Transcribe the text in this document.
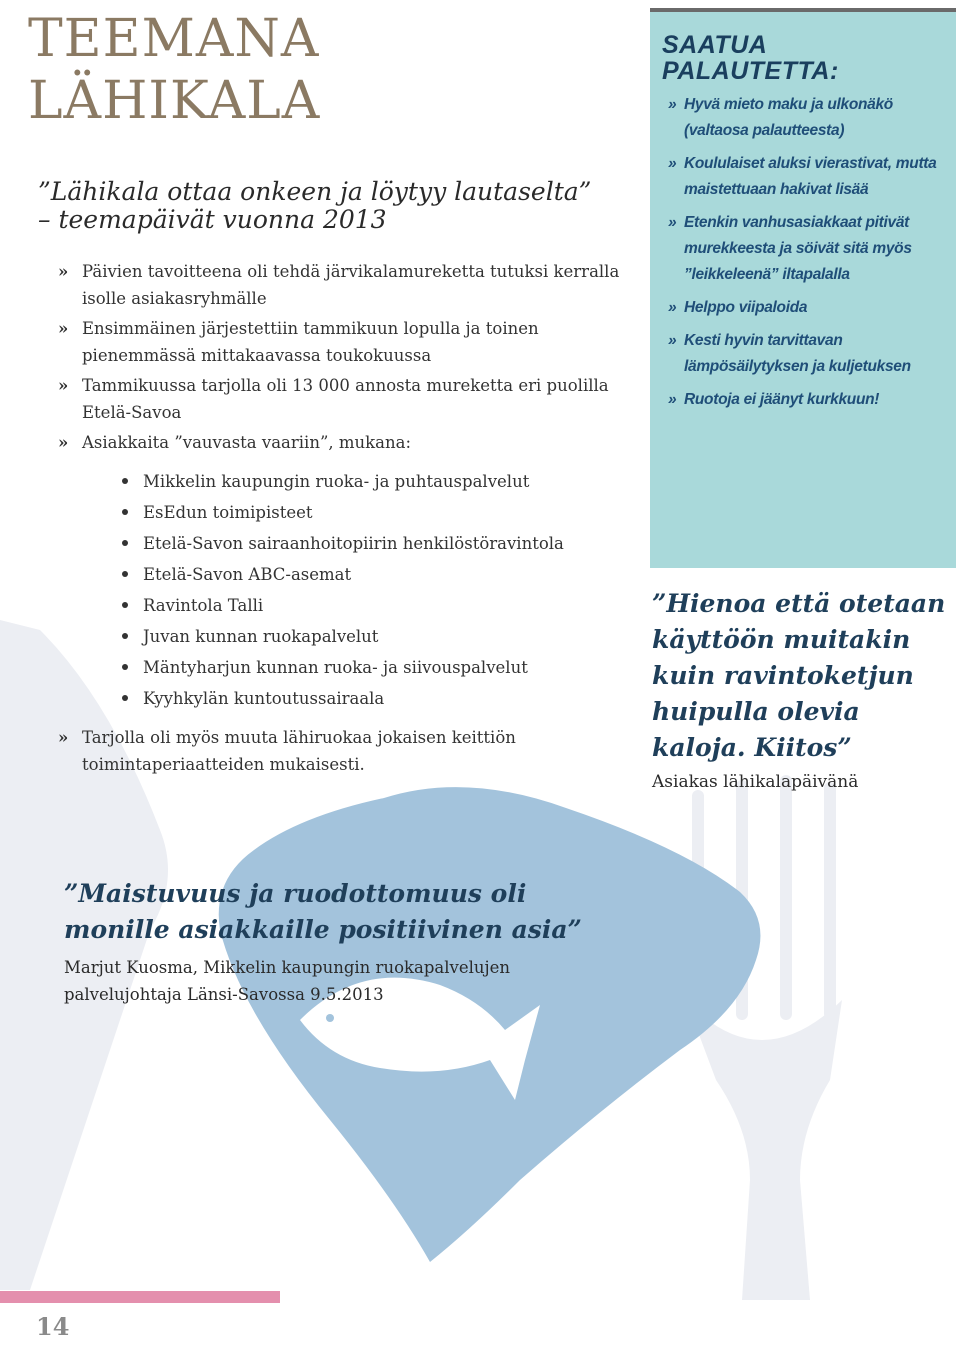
TEEMANA
LÄHIKALA
”Lähikala ottaa onkeen ja löytyy lautaselta”
– teemapäivät vuonna 2013
» Päivien tavoitteena oli tehdä järvikalamureketta tutuksi kerralla isolle asiakasryhmälle
» Ensimmäinen järjestettiin tammikuun lopulla ja toinen pienemmässä mittakaavassa toukokuussa
» Tammikuussa tarjolla oli 13 000 annosta mureketta eri puolilla Etelä-Savoa
» Asiakkaita ”vauvasta vaariin”, mukana:
Mikkelin kaupungin ruoka- ja puhtauspalvelut
EsEdun toimipisteet
Etelä-Savon sairaanhoitopiirin henkilöstöravintola
Etelä-Savon ABC-asemat
Ravintola Talli
Juvan kunnan ruokapalvelut
Mäntyharjun kunnan ruoka- ja siivouspalvelut
Kyyhkylän kuntoutussairaala
» Tarjolla oli myös muuta lähiruokaa jokaisen keittiön toimintaperiaatteiden mukaisesti.
SAATUA
PALAUTETTA:
» Hyvä mieto maku ja ulkonäkö (valtaosa palautteesta)
» Koululaiset aluksi vierastivat, mutta maistettuaan hakivat lisää
» Etenkin vanhusasiakkaat pitivät murekkeesta ja söivät sitä myös ”leikkeleenä” iltapalalla
» Helppo viipaloida
» Kesti hyvin tarvittavan lämpösäilytyksen ja kuljetuksen
» Ruotoja ei jäänyt kurkkuun!

”Hienoa että otetaan käyttöön muitakin kuin ravintoketjun huipulla olevia kaloja. Kiitos”

Asiakas lähikalapäivänä

”Maistuvuus ja ruodottomuus oli monille asiakkaille positiivinen asia”

Marjut Kuosma, Mikkelin kaupungin ruokapalvelujen palvelujohtaja Länsi-Savossa 9.5.2013

14
